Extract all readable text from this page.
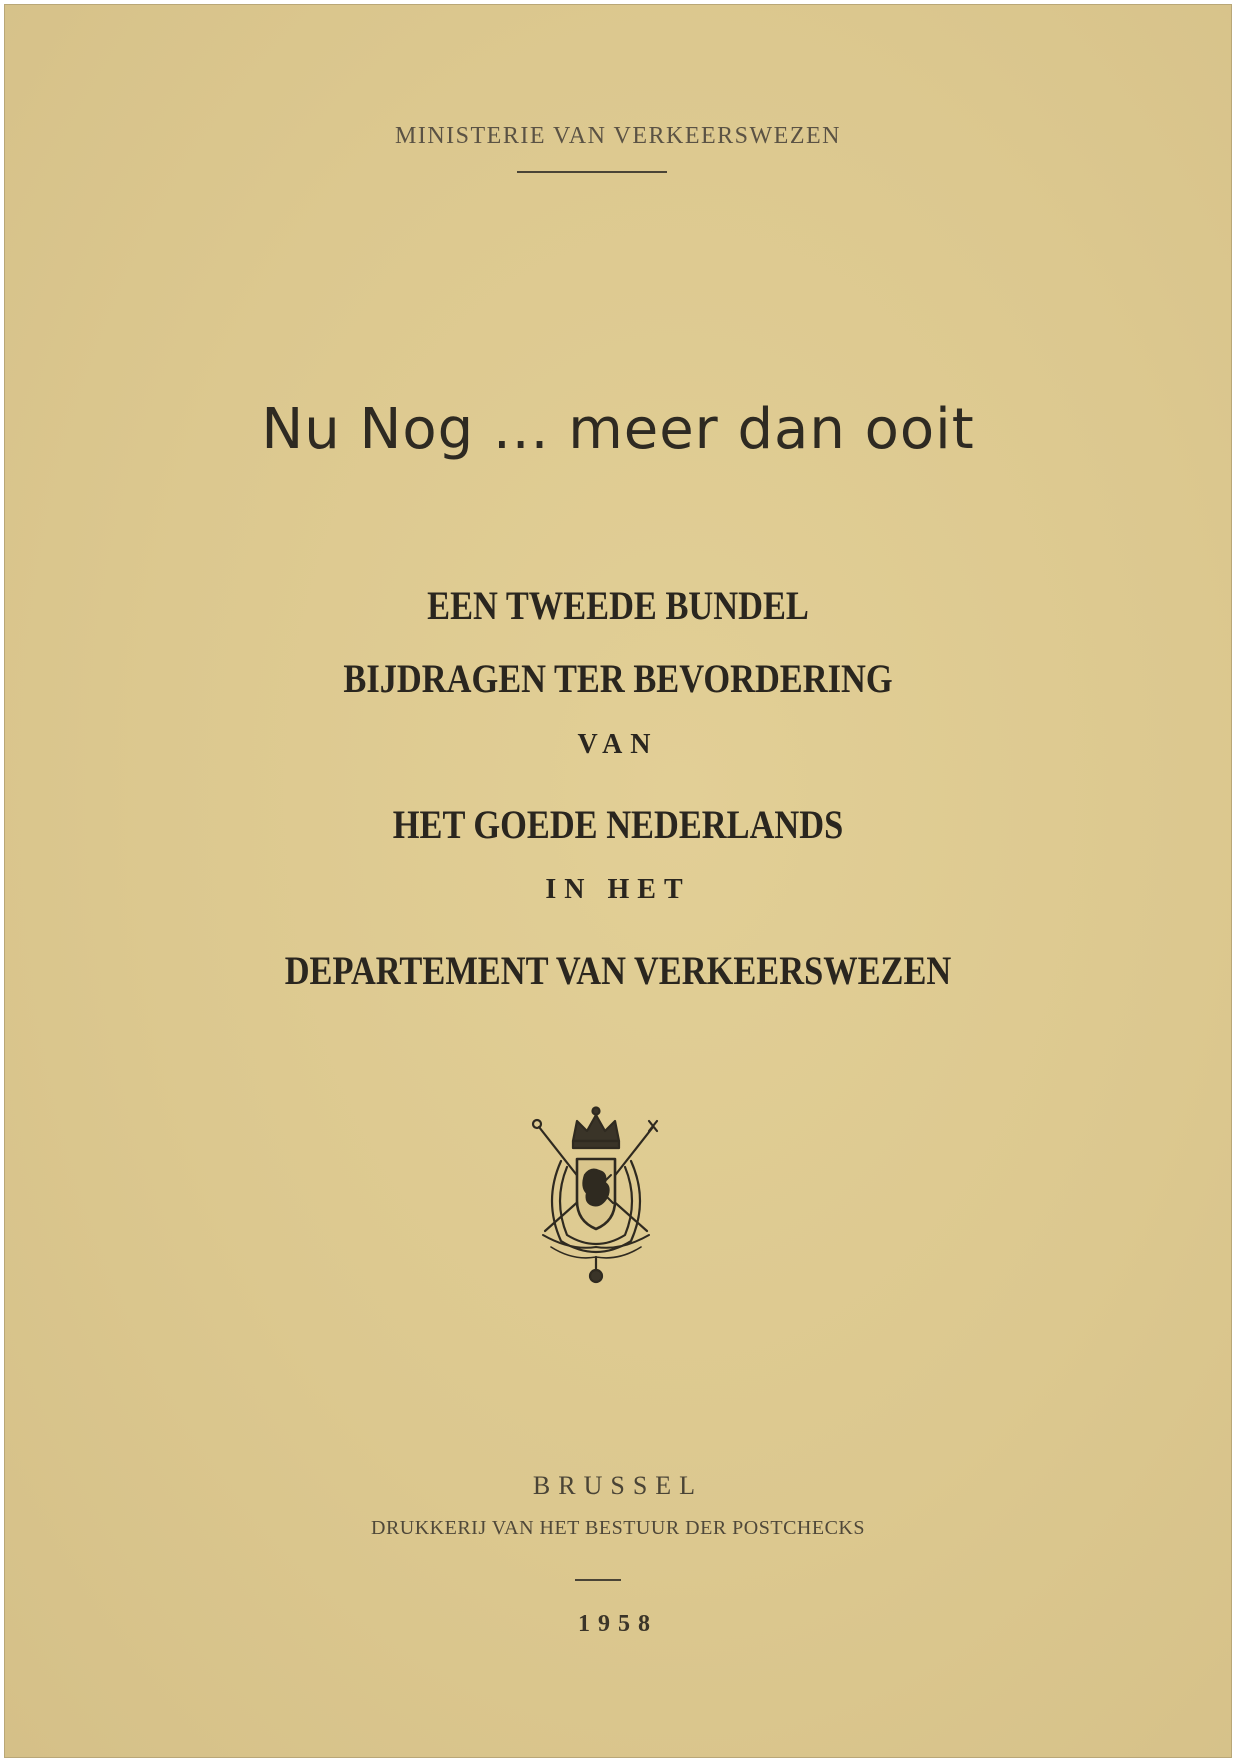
MINISTERIE VAN VERKEERSWEZEN
Nu Nog ... meer dan ooit
EEN TWEEDE BUNDEL
BIJDRAGEN TER BEVORDERING
VAN
HET GOEDE NEDERLANDS
IN HET
DEPARTEMENT VAN VERKEERSWEZEN
BRUSSEL
DRUKKERIJ VAN HET BESTUUR DER POSTCHECKS
1958
